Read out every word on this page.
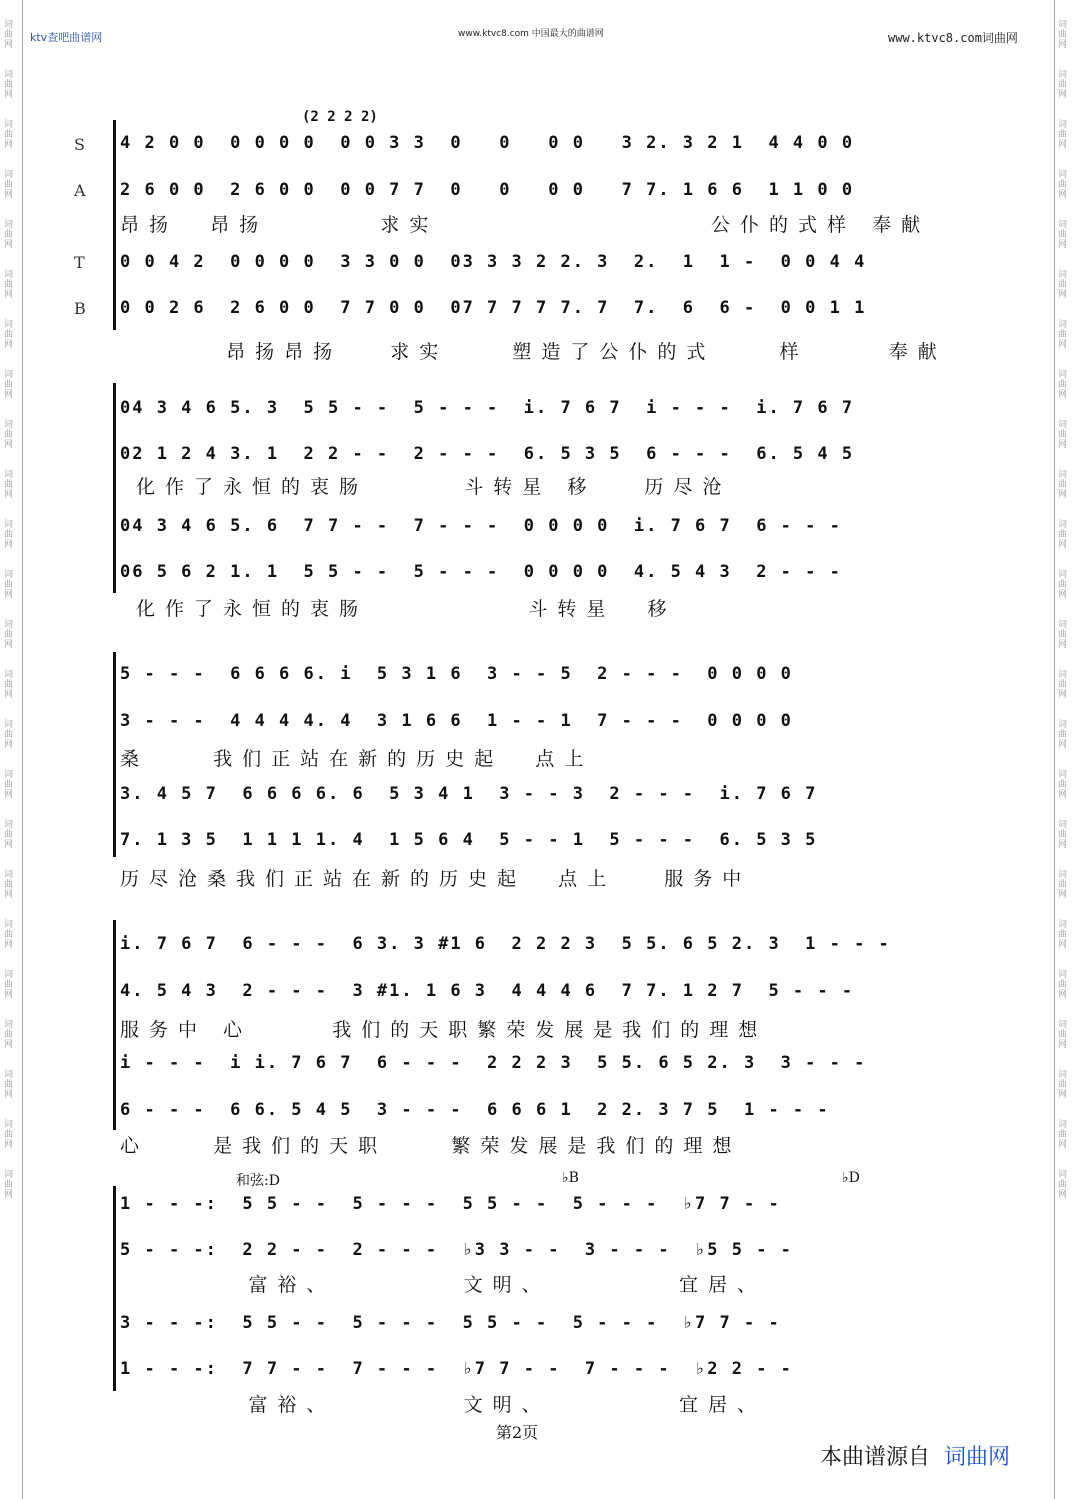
ktv查吧曲谱网	www.ktvc8.com 中国最大的曲谱网	www.ktvc8.com词曲网
词
曲
网
词
曲
网
词
曲
网
词
曲
网
词
曲
网
词
曲
网
词
曲
网
词
曲
网
词
曲
网
词
曲
网
词
曲
网
词
曲
网
词
曲
网
词
曲
网
词
曲
网
词
曲
网
词
曲
网
词
曲
网
词
曲
网
词
曲
网
词
曲
网
词
曲
网
词
曲
网
词
曲
网
词
曲
网
词
曲
网
词
曲
网
词
曲
网
词
曲
网
词
曲
网
词
曲
网
词
曲
网
词
曲
网
词
曲
网
词
曲
网
词
曲
网
词
曲
网
词
曲
网
词
曲
网
词
曲
网
词
曲
网
词
曲
网
词
曲
网
词
曲
网
词
曲
网
词
曲
网
词
曲
网
词
曲
网
S
A
T
B
(2 2 2 2)
4 2 0 0  0 0 0 0  0 0 3 3  0   0   0 0   3 2. 3 2 1  4 4 0 0
2 6 0 0  2 6 0 0  0 0 7 7  0   0   0 0   7 7. 1 6 6  1 1 0 0
昂扬  昂扬       求实                 公仆的式样 奉献
0 0 4 2  0 0 0 0  3 3 0 0  03 3 3 2 2. 3  2.  1  1 -  0 0 4 4
0 0 2 6  2 6 0 0  7 7 0 0  07 7 7 7 7. 7  7.  6  6 -  0 0 1 1
昂扬昂扬   求实    塑造了公仆的式    样     奉献
04 3 4 6 5. 3  5 5 - -  5 - - -  i. 7 6 7  i - - -  i. 7 6 7
02 1 2 4 3. 1  2 2 - -  2 - - -  6. 5 3 5  6 - - -  6. 5 4 5
化作了永恒的衷肠      斗转星 移   历尽沧
04 3 4 6 5. 6  7 7 - -  7 - - -  0 0 0 0  i. 7 6 7  6 - - -
06 5 6 2 1. 1  5 5 - -  5 - - -  0 0 0 0  4. 5 4 3  2 - - -
化作了永恒的衷肠          斗转星  移
5 - - -  6 6 6 6. i  5 3 1 6  3 - - 5  2 - - -  0 0 0 0
3 - - -  4 4 4 4. 4  3 1 6 6  1 - - 1  7 - - -  0 0 0 0
桑    我们正站在新的历史起  点上
3. 4 5 7  6 6 6 6. 6  5 3 4 1  3 - - 3  2 - - -  i. 7 6 7
7. 1 3 5  1 1 1 1. 4  1 5 6 4  5 - - 1  5 - - -  6. 5 3 5
历尽沧桑我们正站在新的历史起  点上   服务中
i. 7 6 7  6 - - -  6 3. 3 #1 6  2 2 2 3  5 5. 6 5 2. 3  1 - - -
4. 5 4 3  2 - - -  3 #1. 1 6 3  4 4 4 6  7 7. 1 2 7  5 - - -
服务中 心     我们的天职繁荣发展是我们的理想
i - - -  i i. 7 6 7  6 - - -  2 2 2 3  5 5. 6 5 2. 3  3 - - -
6 - - -  6 6. 5 4 5  3 - - -  6 6 6 1  2 2. 3 7 5  1 - - -
心    是我们的天职    繁荣发展是我们的理想
和弦:D	♭B	♭D
1 - - -:  5 5 - -  5 - - -  5 5 - -  5 - - -  ♭7 7 - -
5 - - -:  2 2 - -  2 - - -  ♭3 3 - -  3 - - -  ♭5 5 - -
富裕、        文明、        宜居、
3 - - -:  5 5 - -  5 - - -  5 5 - -  5 - - -  ♭7 7 - -
1 - - -:  7 7 - -  7 - - -  ♭7 7 - -  7 - - -  ♭2 2 - -
富裕、        文明、        宜居、
第2页
本曲谱源自 词曲网
